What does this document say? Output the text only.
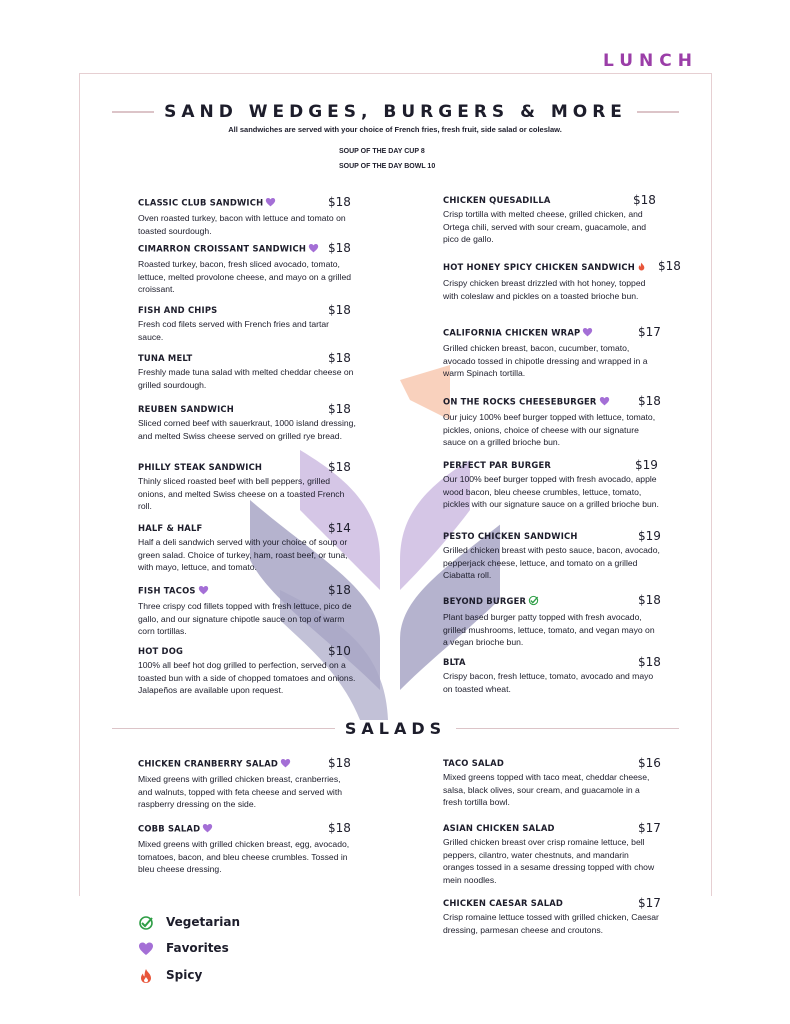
LUNCH
SAND WEDGES, BURGERS & MORE
All sandwiches are served with your choice of French fries, fresh fruit, side salad or coleslaw.
SOUP OF THE DAY CUP 8
SOUP OF THE DAY BOWL 10
SALADS
CLASSIC CLUB SANDWICH	$18
Oven roasted turkey, bacon with lettuce and tomato on toasted sourdough.
CIMARRON CROISSANT SANDWICH	$18
Roasted turkey, bacon, fresh sliced avocado, tomato, lettuce, melted provolone cheese, and mayo on a grilled croissant.
FISH AND CHIPS	$18
Fresh cod filets served with French fries and tartar sauce.
TUNA MELT	$18
Freshly made tuna salad with melted cheddar cheese on grilled sourdough.
REUBEN SANDWICH	$18
Sliced corned beef with sauerkraut, 1000 island dressing, and melted Swiss cheese served on grilled rye bread.
PHILLY STEAK SANDWICH	$18
Thinly sliced roasted beef with bell peppers, grilled onions, and melted Swiss cheese on a toasted French roll.
HALF & HALF	$14
Half a deli sandwich served with your choice of soup or green salad. Choice of turkey, ham, roast beef, or tuna, with mayo, lettuce, and tomato.
FISH TACOS	$18
Three crispy cod fillets topped with fresh lettuce, pico de gallo, and our signature chipotle sauce on top of warm corn tortillas.
HOT DOG	$10
100% all beef hot dog grilled to perfection, served on a toasted bun with a side of chopped tomatoes and onions. Jalapeños are available upon request.
CHICKEN QUESADILLA	$18
Crisp tortilla with melted cheese, grilled chicken, and Ortega chili, served with sour cream, guacamole, and pico de gallo.
HOT HONEY SPICY CHICKEN SANDWICH	$18
Crispy chicken breast drizzled with hot honey, topped with coleslaw and pickles on a toasted brioche bun.
CALIFORNIA CHICKEN WRAP	$17
Grilled chicken breast, bacon, cucumber, tomato, avocado tossed in chipotle dressing and wrapped in a warm Spinach tortilla.
ON THE ROCKS CHEESEBURGER	$18
Our juicy 100% beef burger topped with lettuce, tomato, pickles, onions, choice of cheese with our signature sauce on a grilled brioche bun.
PERFECT PAR BURGER	$19
Our 100% beef burger topped with fresh avocado, apple wood bacon, bleu cheese crumbles, lettuce, tomato, pickles with our signature sauce on a grilled brioche bun.
PESTO CHICKEN SANDWICH	$19
Grilled chicken breast with pesto sauce, bacon, avocado, pepperjack cheese, lettuce, and tomato on a grilled Ciabatta roll.
BEYOND BURGER	$18
Plant based burger patty topped with fresh avocado, grilled mushrooms, lettuce, tomato, and vegan mayo on a vegan brioche bun.
BLTA	$18
Crispy bacon, fresh lettuce, tomato, avocado and mayo on toasted wheat.
CHICKEN CRANBERRY SALAD	$18
Mixed greens with grilled chicken breast, cranberries, and walnuts, topped with feta cheese and served with raspberry dressing on the side.
COBB SALAD	$18
Mixed greens with grilled chicken breast, egg, avocado, tomatoes, bacon, and bleu cheese crumbles. Tossed in bleu cheese dressing.
TACO SALAD	$16
Mixed greens topped with taco meat, cheddar cheese, salsa, black olives, sour cream, and guacamole in a fresh tortilla bowl.
ASIAN CHICKEN SALAD	$17
Grilled chicken breast over crisp romaine lettuce, bell peppers, cilantro, water chestnuts, and mandarin oranges tossed in a sesame dressing topped with chow mein noodles.
CHICKEN CAESAR SALAD	$17
Crisp romaine lettuce tossed with grilled chicken, Caesar dressing, parmesan cheese and croutons.
Vegetarian
Favorites
Spicy
